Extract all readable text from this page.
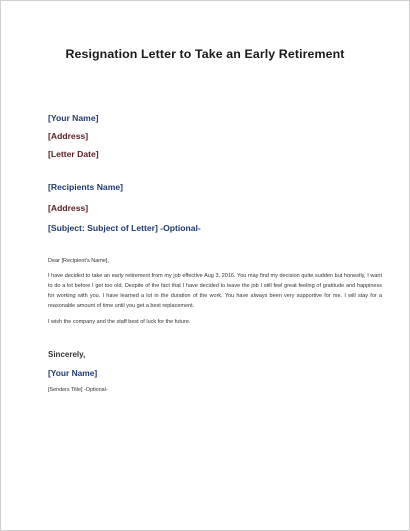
Resignation Letter to Take an Early Retirement
[Your Name]
[Address]
[Letter Date]
[Recipients Name]
[Address]
[Subject: Subject of Letter] -Optional-

Dear [Recipient's Name],

I have decided to take an early retirement from my job effective Aug 3, 2016. You may find my decision quite sudden but honestly, I want to do a lot before I get too old. Despite of the fact that I have decided to leave the job I still feel great feeling of gratitude and happiness for working with you. I have learned a lot in the duration of the work. You have always been very supportive for me. I will stay for a reasonable amount of time until you get a best replacement.

I wish the company and the staff best of luck for the future.

Sincerely,
[Your Name]
[Senders Title] -Optional-
